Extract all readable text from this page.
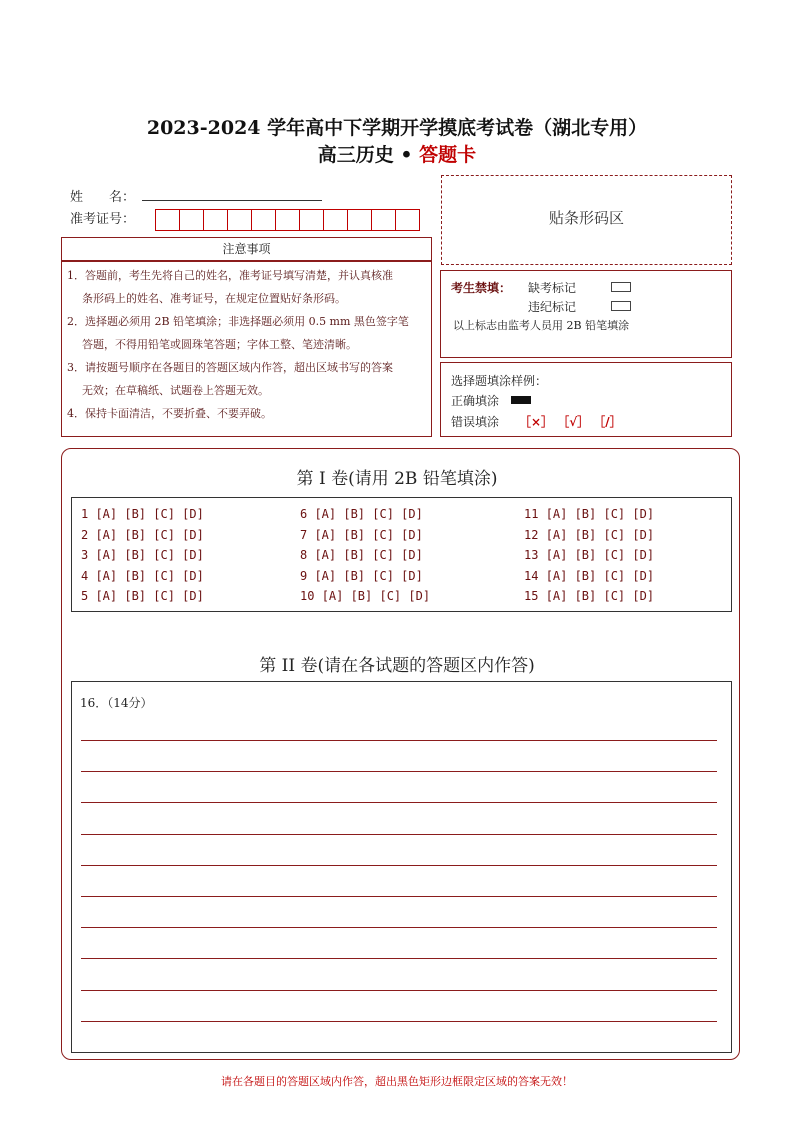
2023-2024 学年高中下学期开学摸底考试卷（湖北专用）
高三历史 • 答题卡
姓　　名：
准考证号：
注意事项
1．答题前，考生先将自己的姓名，准考证号填写清楚，并认真核准
条形码上的姓名、准考证号，在规定位置贴好条形码。
2．选择题必须用 2B 铅笔填涂；非选择题必须用 0.5 mm 黑色签字笔
答题，不得用铅笔或圆珠笔答题；字体工整、笔迹清晰。
3．请按题号顺序在各题目的答题区域内作答，超出区域书写的答案
无效；在草稿纸、试题卷上答题无效。
4．保持卡面清洁，不要折叠、不要弄破。
贴条形码区
考生禁填： 缺考标记
违纪标记
以上标志由监考人员用 2B 铅笔填涂
选择题填涂样例：
正确填涂
错误填涂 ［×］ ［√］ ［/］
第 I 卷(请用 2B 铅笔填涂)
1 [A] [B] [C] [D]
2 [A] [B] [C] [D]
3 [A] [B] [C] [D]
4 [A] [B] [C] [D]
5 [A] [B] [C] [D]
6 [A] [B] [C] [D]
7 [A] [B] [C] [D]
8 [A] [B] [C] [D]
9 [A] [B] [C] [D]
10 [A] [B] [C] [D]
11 [A] [B] [C] [D]
12 [A] [B] [C] [D]
13 [A] [B] [C] [D]
14 [A] [B] [C] [D]
15 [A] [B] [C] [D]
第 II 卷(请在各试题的答题区内作答)
16．（14分）
请在各题目的答题区域内作答，超出黑色矩形边框限定区域的答案无效！
